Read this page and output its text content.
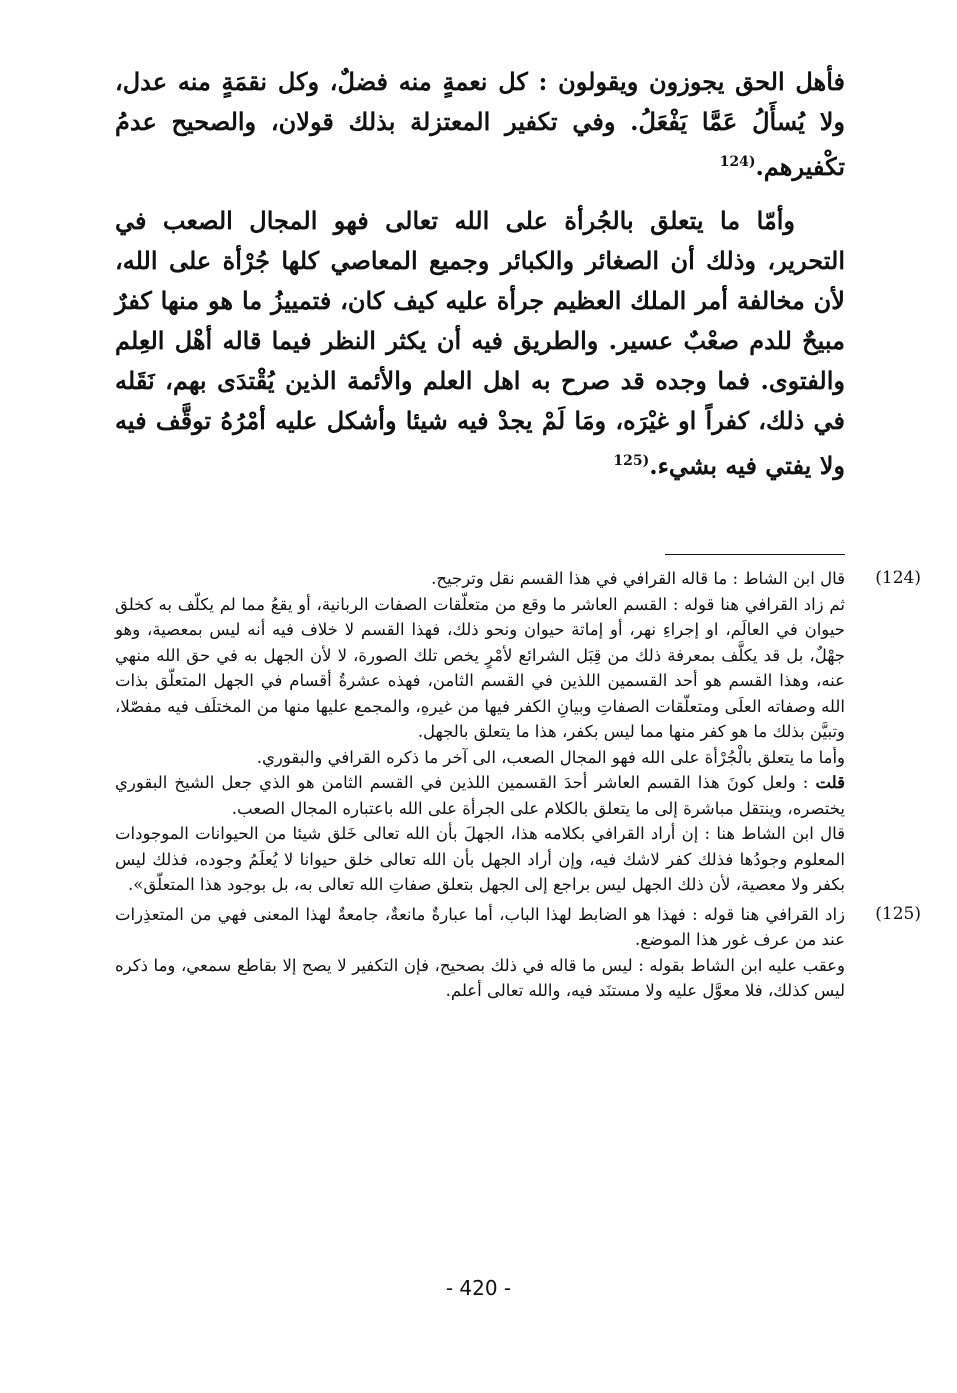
فأهل الحق يجوزون ويقولون : كل نعمةٍ منه فضلٌ، وكل نقمَةٍ منه عدل، ولا يُسأَلُ عَمَّا يَفْعَلُ. وفي تكفير المعتزلة بذلك قولان، والصحيح عدمُ تكْفيرهم.$^{(124}$

وأمّا ما يتعلق بالجُرأة على الله تعالى فهو المجال الصعب في التحرير، وذلك أن الصغائر والكبائر وجميع المعاصي كلها جُرْأة على الله، لأن مخالفة أمر الملك العظيم جرأة عليه كيف كان، فتمييزُ ما هو منها كفرٌ مبيحٌ للدم صعْبٌ عسير. والطريق فيه أن يكثر النظر فيما قاله أهْل العِلم والفتوى. فما وجده قد صرح به اهل العلم والأئمة الذين يُقْتدَى بهم، نَقَله في ذلك، كفراً او غيْرَه، ومَا لَمْ يجدْ فيه شيئا وأشكل عليه أمْرُهُ توقَّف فيه ولا يفتي فيه بشيء.$^{(125}$

(124)

قال ابن الشاط : ما قاله القرافي في هذا القسم نقل وترجيح.

ثم زاد القرافي هنا قوله : القسم العاشر ما وقع من متعلّقات الصفات الربانية، أو يقعُ مما لم يكلّف به كخلق حيوان في العالَم، او إجراءِ نهر، أو إماتة حيوان ونحو ذلك، فهذا القسم لا خلاف فيه أنه ليس بمعصية، وهو جهْلٌ، بل قد يكلَّف بمعرفة ذلك من قِبَل الشرائع لأمْرٍ يخص تلك الصورة، لا لأن الجهل به في حق الله منهي عنه، وهذا القسم هو أحد القسمين اللذين في القسم الثامن، فهذه عشرةُ أقسام في الجهل المتعلّق بذات الله وصفاته العلَى ومتعلّقات الصفاتِ وبيانِ الكفر فيها من غيرهِ، والمجمع عليها منها من المختلَف فيه مفصّلا، وتبيَّن بذلك ما هو كفر منها مما ليس بكفر، هذا ما يتعلق بالجهل.

وأما ما يتعلق بالْجُرْأة على الله فهو المجال الصعب، الى آخر ما ذكره القرافي والبقوري.

قلت : ولعل كونَ هذا القسم العاشر أحدَ القسمين اللذين في القسم الثامن هو الذي جعل الشيخ البقوري يختصره، وينتقل مباشرة إلى ما يتعلق بالكلام على الجرأة على الله باعتباره المجال الصعب.

قال ابن الشاط هنا : إن أراد القرافي بكلامه هذا، الجهلَ بأن الله تعالى خَلق شيئا من الحيوانات الموجودات المعلوم وجودُها فذلك كفر لاشك فيه، وإن أراد الجهل بأن الله تعالى خلق حيوانا لا يُعلَمُ وجوده، فذلك ليس بكفر ولا معصية، لأن ذلك الجهل ليس براجع إلى الجهل بتعلق صفاتِ الله تعالى به، بل بوجود هذا المتعلّق».

(125)

زاد القرافي هنا قوله : فهذا هو الضابط لهذا الباب، أما عبارةٌ مانعةٌ، جامعةٌ لهذا المعنى فهي من المتعذِرات عند من عرف غور هذا الموضع.

وعقب عليه ابن الشاط بقوله : ليس ما قاله في ذلك بصحيح، فإن التكفير لا يصح إلا بقاطع سمعي، وما ذكره ليس كذلك، فلا معوَّل عليه ولا مستنَد فيه، والله تعالى أعلم.

- 420 -
